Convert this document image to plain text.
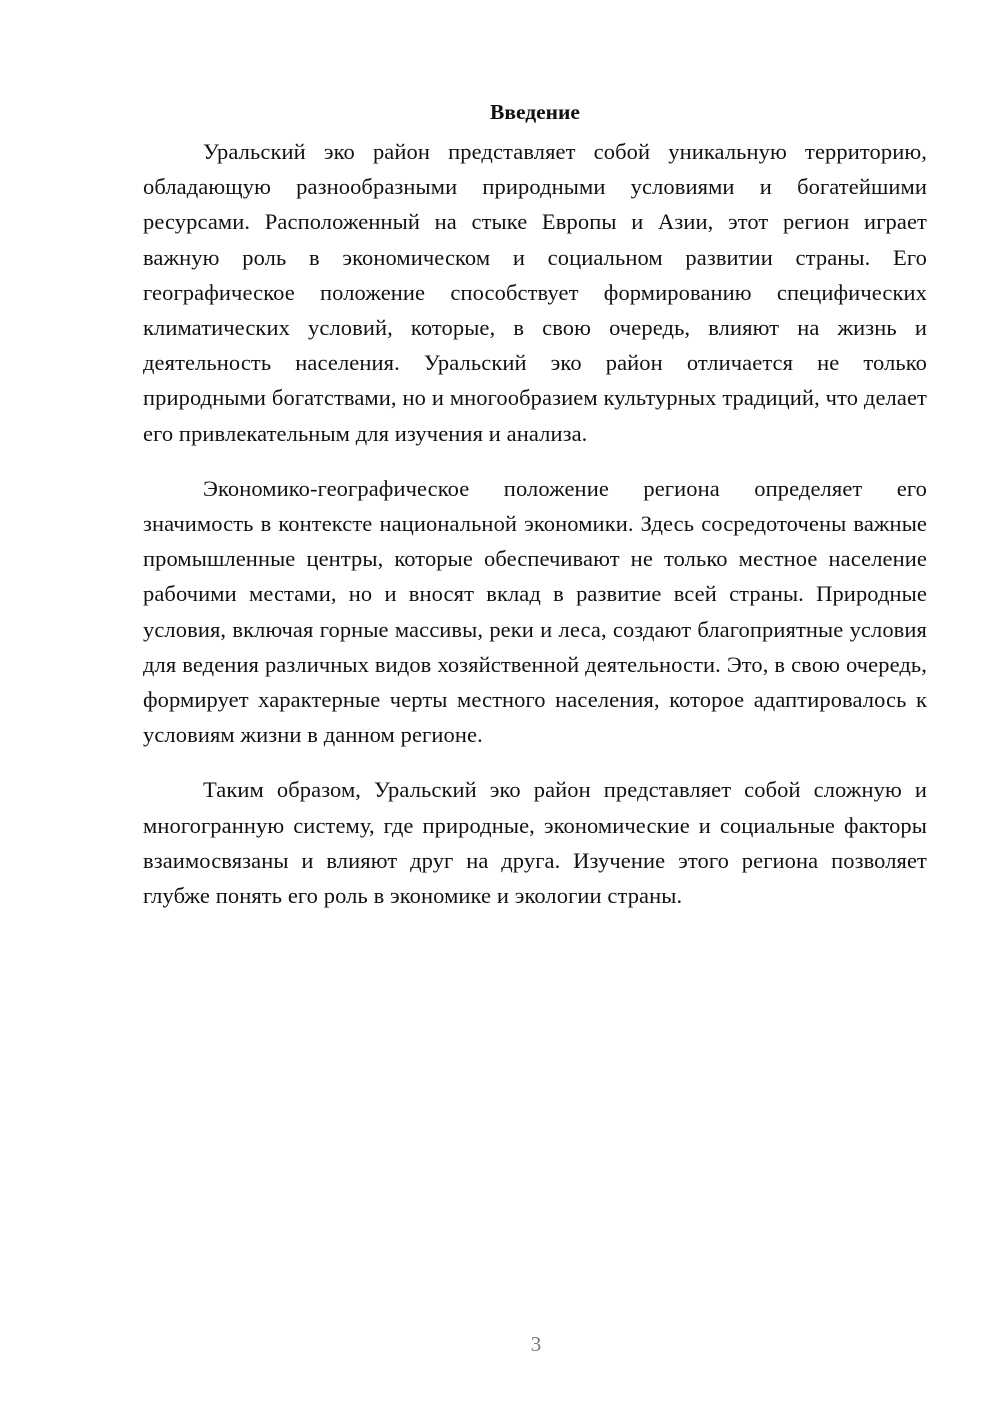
Введение

Уральский эко район представляет собой уникальную территорию, обладающую разнообразными природными условиями и богатейшими ресурсами. Расположенный на стыке Европы и Азии, этот регион играет важную роль в экономическом и социальном развитии страны. Его географическое положение способствует формированию специфических климатических условий, которые, в свою очередь, влияют на жизнь и деятельность населения. Уральский эко район отличается не только природными богатствами, но и многообразием культурных традиций, что делает его привлекательным для изучения и анализа.

Экономико-географическое положение региона определяет его значимость в контексте национальной экономики. Здесь сосредоточены важные промышленные центры, которые обеспечивают не только местное население рабочими местами, но и вносят вклад в развитие всей страны. Природные условия, включая горные массивы, реки и леса, создают благоприятные условия для ведения различных видов хозяйственной деятельности. Это, в свою очередь, формирует характерные черты местного населения, которое адаптировалось к условиям жизни в данном регионе.

Таким образом, Уральский эко район представляет собой сложную и многогранную систему, где природные, экономические и социальные факторы взаимосвязаны и влияют друг на друга. Изучение этого региона позволяет глубже понять его роль в экономике и экологии страны.

3
